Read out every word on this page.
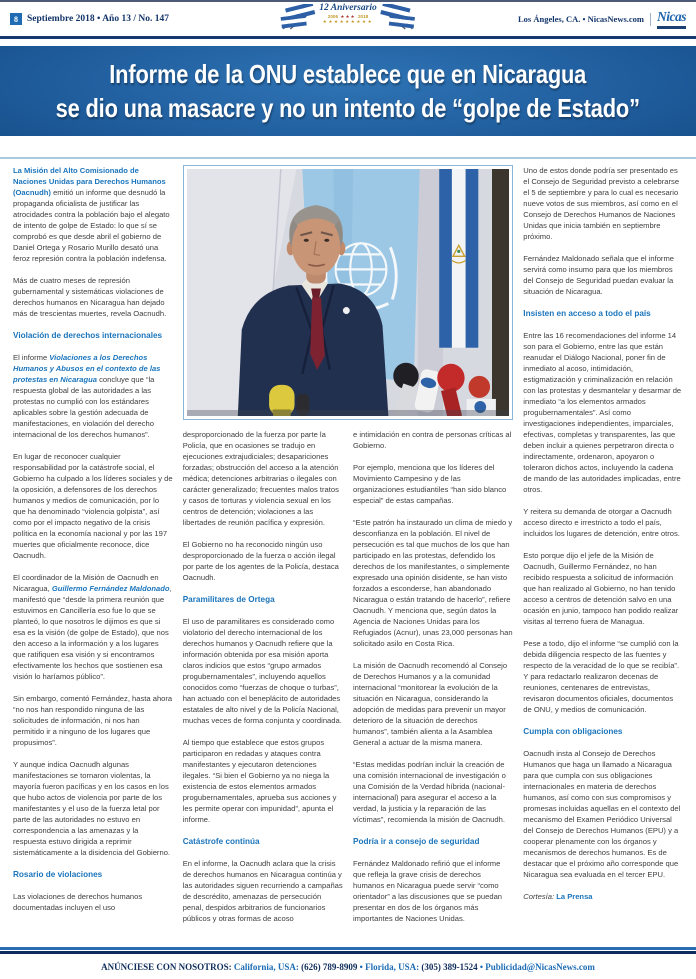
8 Septiembre 2018 • Año 13 / No. 147
12 Aniversario
2006 ★★★ 2018
★★★★★★★★★	Los Ángeles, CA. • NicasNews.com Nicas
Informe de la ONU establece que en Nicaragua
se dio una masacre y no un intento de “golpe de Estado”

La Misión del Alto Comisionado de Naciones Unidas para Derechos Humanos (Oacnudh) emitió un informe que desnudó la propaganda oficialista de justificar las atrocidades contra la población bajo el alegato de intento de golpe de Estado: lo que sí se comprobó es que desde abril el gobierno de Daniel Ortega y Rosario Murillo desató una feroz represión contra la población indefensa.

Más de cuatro meses de represión gubernamental y sistemáticas violaciones de derechos humanos en Nicaragua han dejado más de trescientas muertes, revela Oacnudh.

Violación de derechos internacionales

El informe Violaciones a los Derechos Humanos y Abusos en el contexto de las protestas en Nicaragua concluye que “la respuesta global de las autoridades a las protestas no cumplió con los estándares aplicables sobre la gestión adecuada de manifestaciones, en violación del derecho internacional de los derechos humanos”.

En lugar de reconocer cualquier responsabilidad por la catástrofe social, el Gobierno ha culpado a los líderes sociales y de la oposición, a defensores de los derechos humanos y medios de comunicación, por lo que ha denominado “violencia golpista”, así como por el impacto negativo de la crisis política en la economía nacional y por las 197 muertes que oficialmente reconoce, dice Oacnudh.

El coordinador de la Misión de Oacnudh en Nicaragua, Guillermo Fernández Maldonado, manifestó que “desde la primera reunión que estuvimos en Cancillería eso fue lo que se planteó, lo que nosotros le dijimos es que si esa es la visión (de golpe de Estado), que nos den acceso a la información y a los lugares que ratifiquen esa visión y si encontramos efectivamente los hechos que sostienen esa visión lo haríamos público”.

Sin embargo, comentó Fernández, hasta ahora “no nos han respondido ninguna de las solicitudes de información, ni nos han permitido ir a ninguno de los lugares que propusimos”.

Y aunque indica Oacnudh algunas manifestaciones se tornaron violentas, la mayoría fueron pacíficas y en los casos en los que hubo actos de violencia por parte de los manifestantes y el uso de la fuerza letal por parte de las autoridades no estuvo en correspondencia a las amenazas y la respuesta estuvo dirigida a reprimir sistemáticamente a la disidencia del Gobierno.

Rosario de violaciones

Las violaciones de derechos humanos documentadas incluyen el uso

desproporcionado de la fuerza por parte la Policía, que en ocasiones se tradujo en ejecuciones extrajudiciales; desapariciones forzadas; obstrucción del acceso a la atención médica; detenciones arbitrarias o ilegales con carácter generalizado; frecuentes malos tratos y casos de torturas y violencia sexual en los centros de detención; violaciones a las libertades de reunión pacífica y expresión.

El Gobierno no ha reconocido ningún uso desproporcionado de la fuerza o acción ilegal por parte de los agentes de la Policía, destaca Oacnudh.

Paramilitares de Ortega

El uso de paramilitares es considerado como violatorio del derecho internacional de los derechos humanos y Oacnudh refiere que la información obtenida por esa misión aporta claros indicios que estos “grupo armados progubernamentales”, incluyendo aquellos conocidos como “fuerzas de choque o turbas”, han actuado con el beneplácito de autoridades estatales de alto nivel y de la Policía Nacional, muchas veces de forma conjunta y coordinada.

Al tiempo que establece que estos grupos participaron en redadas y ataques contra manifestantes y ejecutaron detenciones ilegales. “Si bien el Gobierno ya no niega la existencia de estos elementos armados progubernamentales, aprueba sus acciones y les permite operar con impunidad”, apunta el informe.

Catástrofe continúa

En el informe, la Oacnudh aclara que la crisis de derechos humanos en Nicaragua continúa y las autoridades siguen recurriendo a campañas de descrédito, amenazas de persecución penal, despidos arbitrarios de funcionarios públicos y otras formas de acoso

e intimidación en contra de personas críticas al Gobierno.

Por ejemplo, menciona que los líderes del Movimiento Campesino y de las organizaciones estudiantiles “han sido blanco especial” de estas campañas.

“Este patrón ha instaurado un clima de miedo y desconfianza en la población. El nivel de persecución es tal que muchos de los que han participado en las protestas, defendido los derechos de los manifestantes, o simplemente expresado una opinión disidente, se han visto forzados a esconderse, han abandonado Nicaragua o están tratando de hacerlo”, refiere Oacnudh. Y menciona que, según datos la Agencia de Naciones Unidas para los Refugiados (Acnur), unas 23,000 personas han solicitado asilo en Costa Rica.

La misión de Oacnudh recomendó al Consejo de Derechos Humanos y a la comunidad internacional “monitorear la evolución de la situación en Nicaragua, considerando la adopción de medidas para prevenir un mayor deterioro de la situación de derechos humanos”, también alienta a la Asamblea General a actuar de la misma manera.

“Estas medidas podrían incluir la creación de una comisión internacional de investigación o una Comisión de la Verdad híbrida (nacional-internacional) para asegurar el acceso a la verdad, la justicia y la reparación de las víctimas”, recomienda la misión de Oacnudh.

Podría ir a consejo de seguridad

Fernández Maldonado refirió que el informe que refleja la grave crisis de derechos humanos en Nicaragua puede servir “como orientador” a las discusiones que se puedan presentar en dos de los órganos más importantes de Naciones Unidas.

Uno de estos donde podría ser presentado es el Consejo de Seguridad previsto a celebrarse el 5 de septiembre y para lo cual es necesario nueve votos de sus miembros, así como en el Consejo de Derechos Humanos de Naciones Unidas que inicia también en septiembre próximo.

Fernández Maldonado señala que el informe servirá como insumo para que los miembros del Consejo de Seguridad puedan evaluar la situación de Nicaragua.

Insisten en acceso a todo el país

Entre las 16 recomendaciones del informe 14 son para el Gobierno, entre las que están reanudar el Diálogo Nacional, poner fin de inmediato al acoso, intimidación, estigmatización y criminalización en relación con las protestas y desmantelar y desarmar de inmediato “a los elementos armados progubernamentales”. Así como investigaciones independientes, imparciales, efectivas, completas y transparentes, las que deben incluir a quienes perpetraron directa o indirectamente, ordenaron, apoyaron o toleraron dichos actos, incluyendo la cadena de mando de las autoridades implicadas, entre otros.

Y reitera su demanda de otorgar a Oacnudh acceso directo e irrestricto a todo el país, incluidos los lugares de detención, entre otros.

Esto porque dijo el jefe de la Misión de Oacnudh, Guillermo Fernández, no han recibido respuesta a solicitud de información que han realizado al Gobierno, no han tenido acceso a centros de detención salvo en una ocasión en junio, tampoco han podido realizar visitas al terreno fuera de Managua.

Pese a todo, dijo el informe “se cumplió con la debida diligencia respecto de las fuentes y respecto de la veracidad de lo que se recibía”. Y para redactarlo realizaron decenas de reuniones, centenares de entrevistas, revisaron documentos oficiales, documentos de ONU, y medios de comunicación.

Cumpla con obligaciones

Oacnudh insta al Consejo de Derechos Humanos que haga un llamado a Nicaragua para que cumpla con sus obligaciones internacionales en materia de derechos humanos, así como con sus compromisos y promesas incluidas aquellas en el contexto del mecanismo del Examen Periódico Universal del Consejo de Derechos Humanos (EPU) y a cooperar plenamente con los órganos y mecanismos de derechos humanos. Es de destacar que el próximo año corresponde que Nicaragua sea evaluada en el tercer EPU.

Cortesía: La Prensa

ANÚNCIESE CON NOSOTROS: California, USA: (626) 789-8909 • Florida, USA: (305) 389-1524 • Publicidad@NicasNews.com
